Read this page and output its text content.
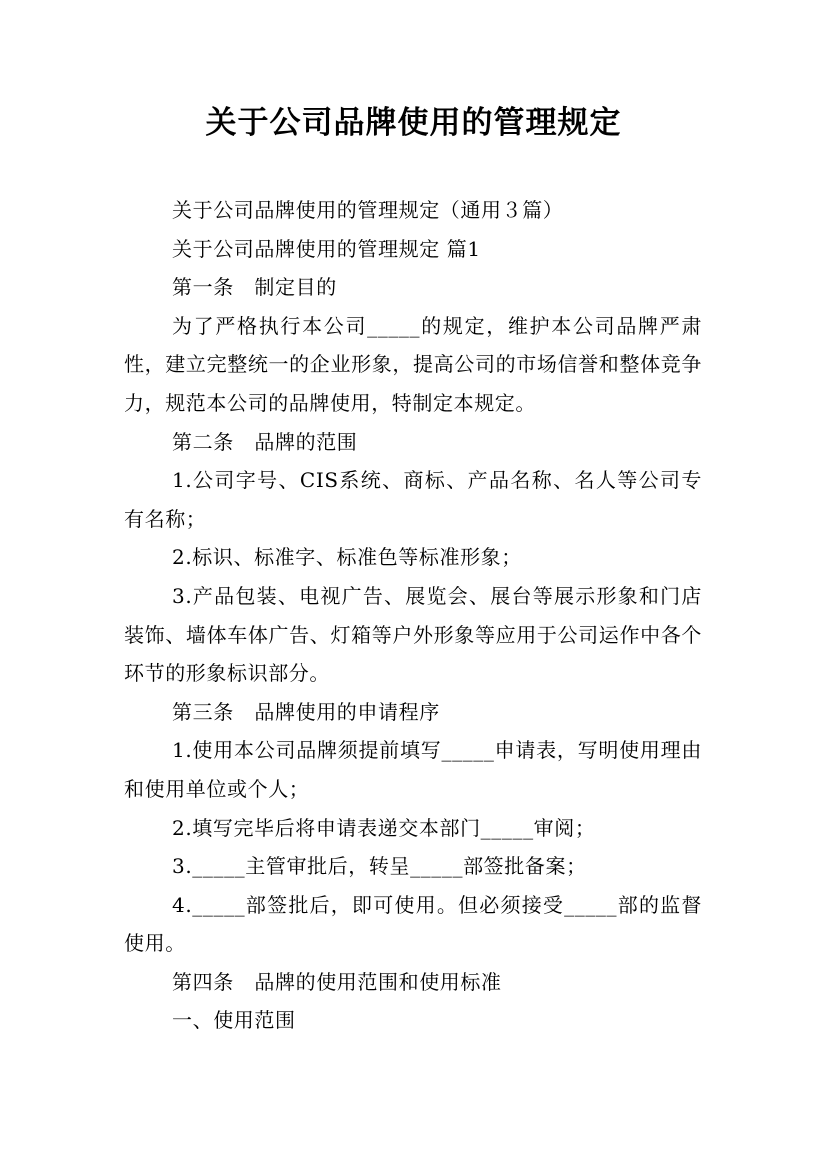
关于公司品牌使用的管理规定

关于公司品牌使用的管理规定（通用３篇）

关于公司品牌使用的管理规定 篇1

第一条　制定目的

为了严格执行本公司_____的规定，维护本公司品牌严肃性，建立完整统一的企业形象，提高公司的市场信誉和整体竞争力，规范本公司的品牌使用，特制定本规定。

第二条　品牌的范围

1.公司字号、CIS系统、商标、产品名称、名人等公司专有名称；

2.标识、标准字、标准色等标准形象；

3.产品包装、电视广告、展览会、展台等展示形象和门店装饰、墙体车体广告、灯箱等户外形象等应用于公司运作中各个环节的形象标识部分。

第三条　品牌使用的申请程序

1.使用本公司品牌须提前填写_____申请表，写明使用理由和使用单位或个人；

2.填写完毕后将申请表递交本部门_____审阅；

3._____主管审批后，转呈_____部签批备案；

4._____部签批后，即可使用。但必须接受_____部的监督使用。

第四条　品牌的使用范围和使用标准

一、使用范围
